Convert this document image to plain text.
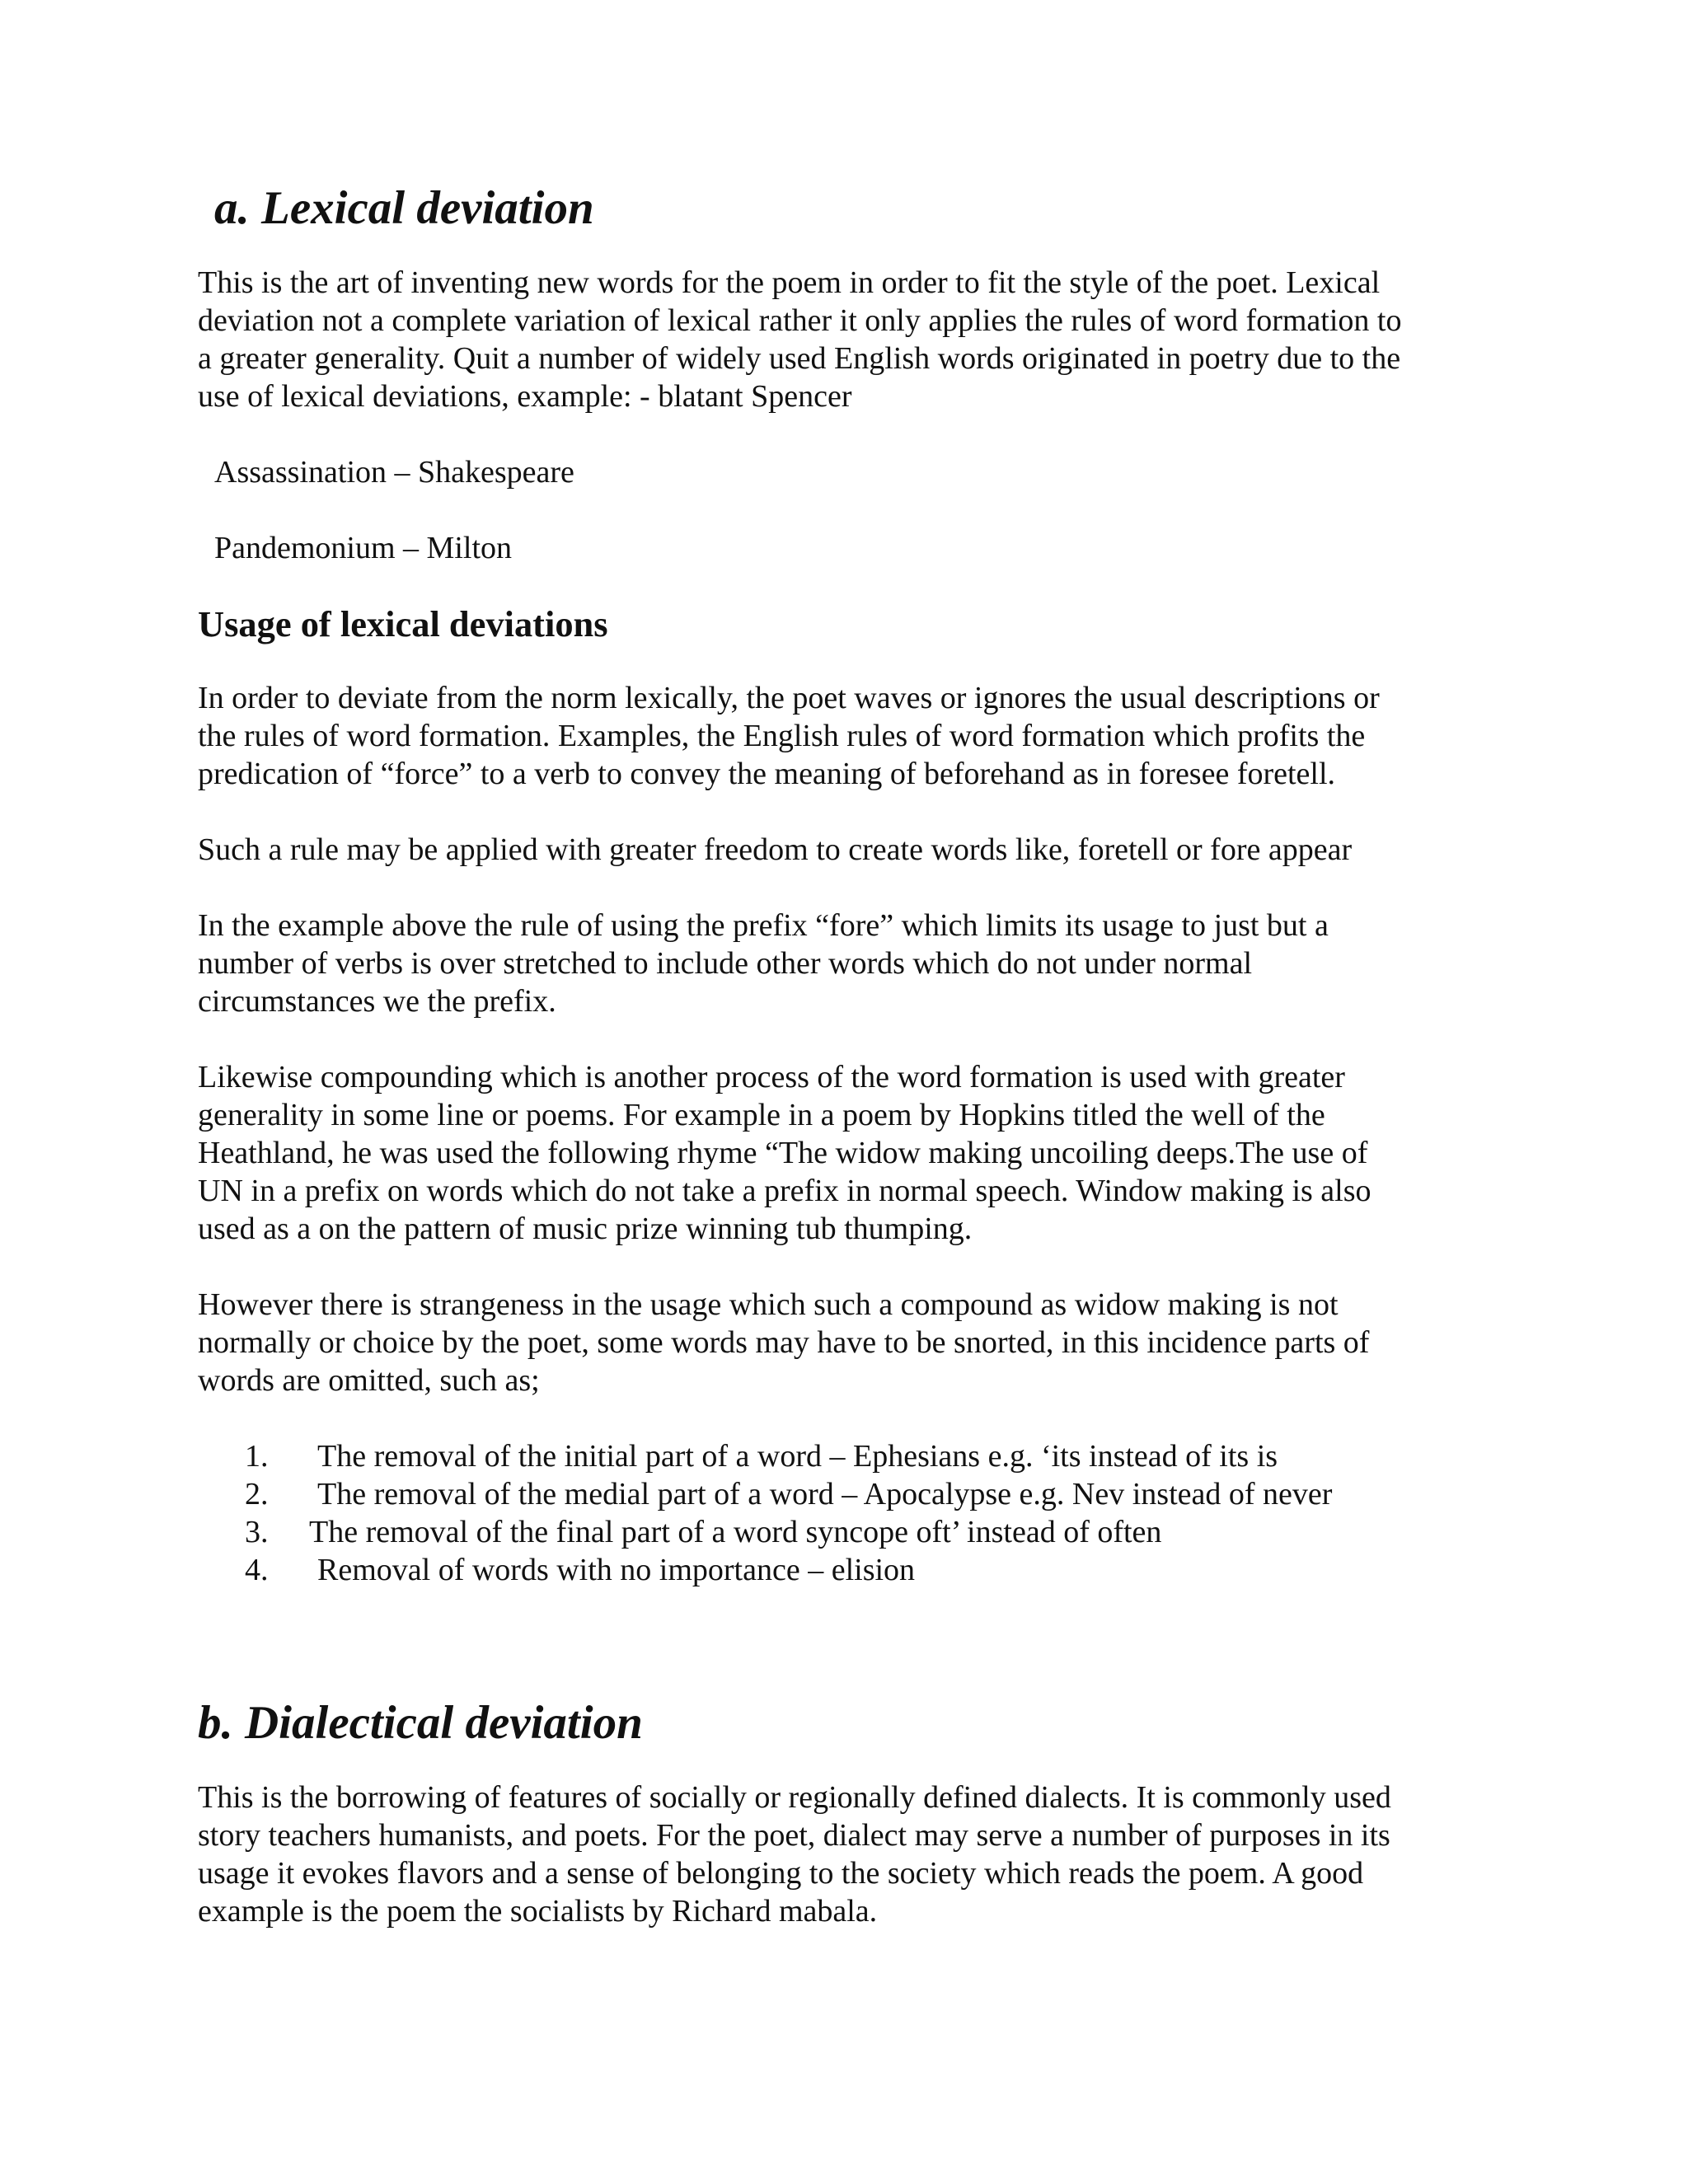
a. Lexical deviation

This is the art of inventing new words for the poem in order to fit the style of the poet. Lexical
deviation not a complete variation of lexical rather it only applies the rules of word formation to
a greater generality. Quit a number of widely used English words originated in poetry due to the
use of lexical deviations, example: - blatant Spencer

Assassination – Shakespeare
Pandemonium – Milton
Usage of lexical deviations

In order to deviate from the norm lexically, the poet waves or ignores the usual descriptions or
the rules of word formation. Examples, the English rules of word formation which profits the
predication of “force” to a verb to convey the meaning of beforehand as in foresee foretell.

Such a rule may be applied with greater freedom to create words like, foretell or fore appear

In the example above the rule of using the prefix “fore” which limits its usage to just but a
number of verbs is over stretched to include other words which do not under normal
circumstances we the prefix.

Likewise compounding which is another process of the word formation is used with greater
generality in some line or poems. For example in a poem by Hopkins titled the well of the
Heathland, he was used the following rhyme “The widow making uncoiling deeps.The use of
UN in a prefix on words which do not take a prefix in normal speech. Window making is also
used as a on the pattern of music prize winning tub thumping.

However there is strangeness in the usage which such a compound as widow making is not
normally or choice by the poet, some words may have to be snorted, in this incidence parts of
words are omitted, such as;

1. The removal of the initial part of a word – Ephesians e.g. ‘its instead of its is
2. The removal of the medial part of a word – Apocalypse e.g. Nev instead of never
3. The removal of the final part of a word syncope oft’ instead of often
4. Removal of words with no importance – elision
b. Dialectical deviation

This is the borrowing of features of socially or regionally defined dialects. It is commonly used
story teachers humanists, and poets. For the poet, dialect may serve a number of purposes in its
usage it evokes flavors and a sense of belonging to the society which reads the poem. A good
example is the poem the socialists by Richard mabala.
